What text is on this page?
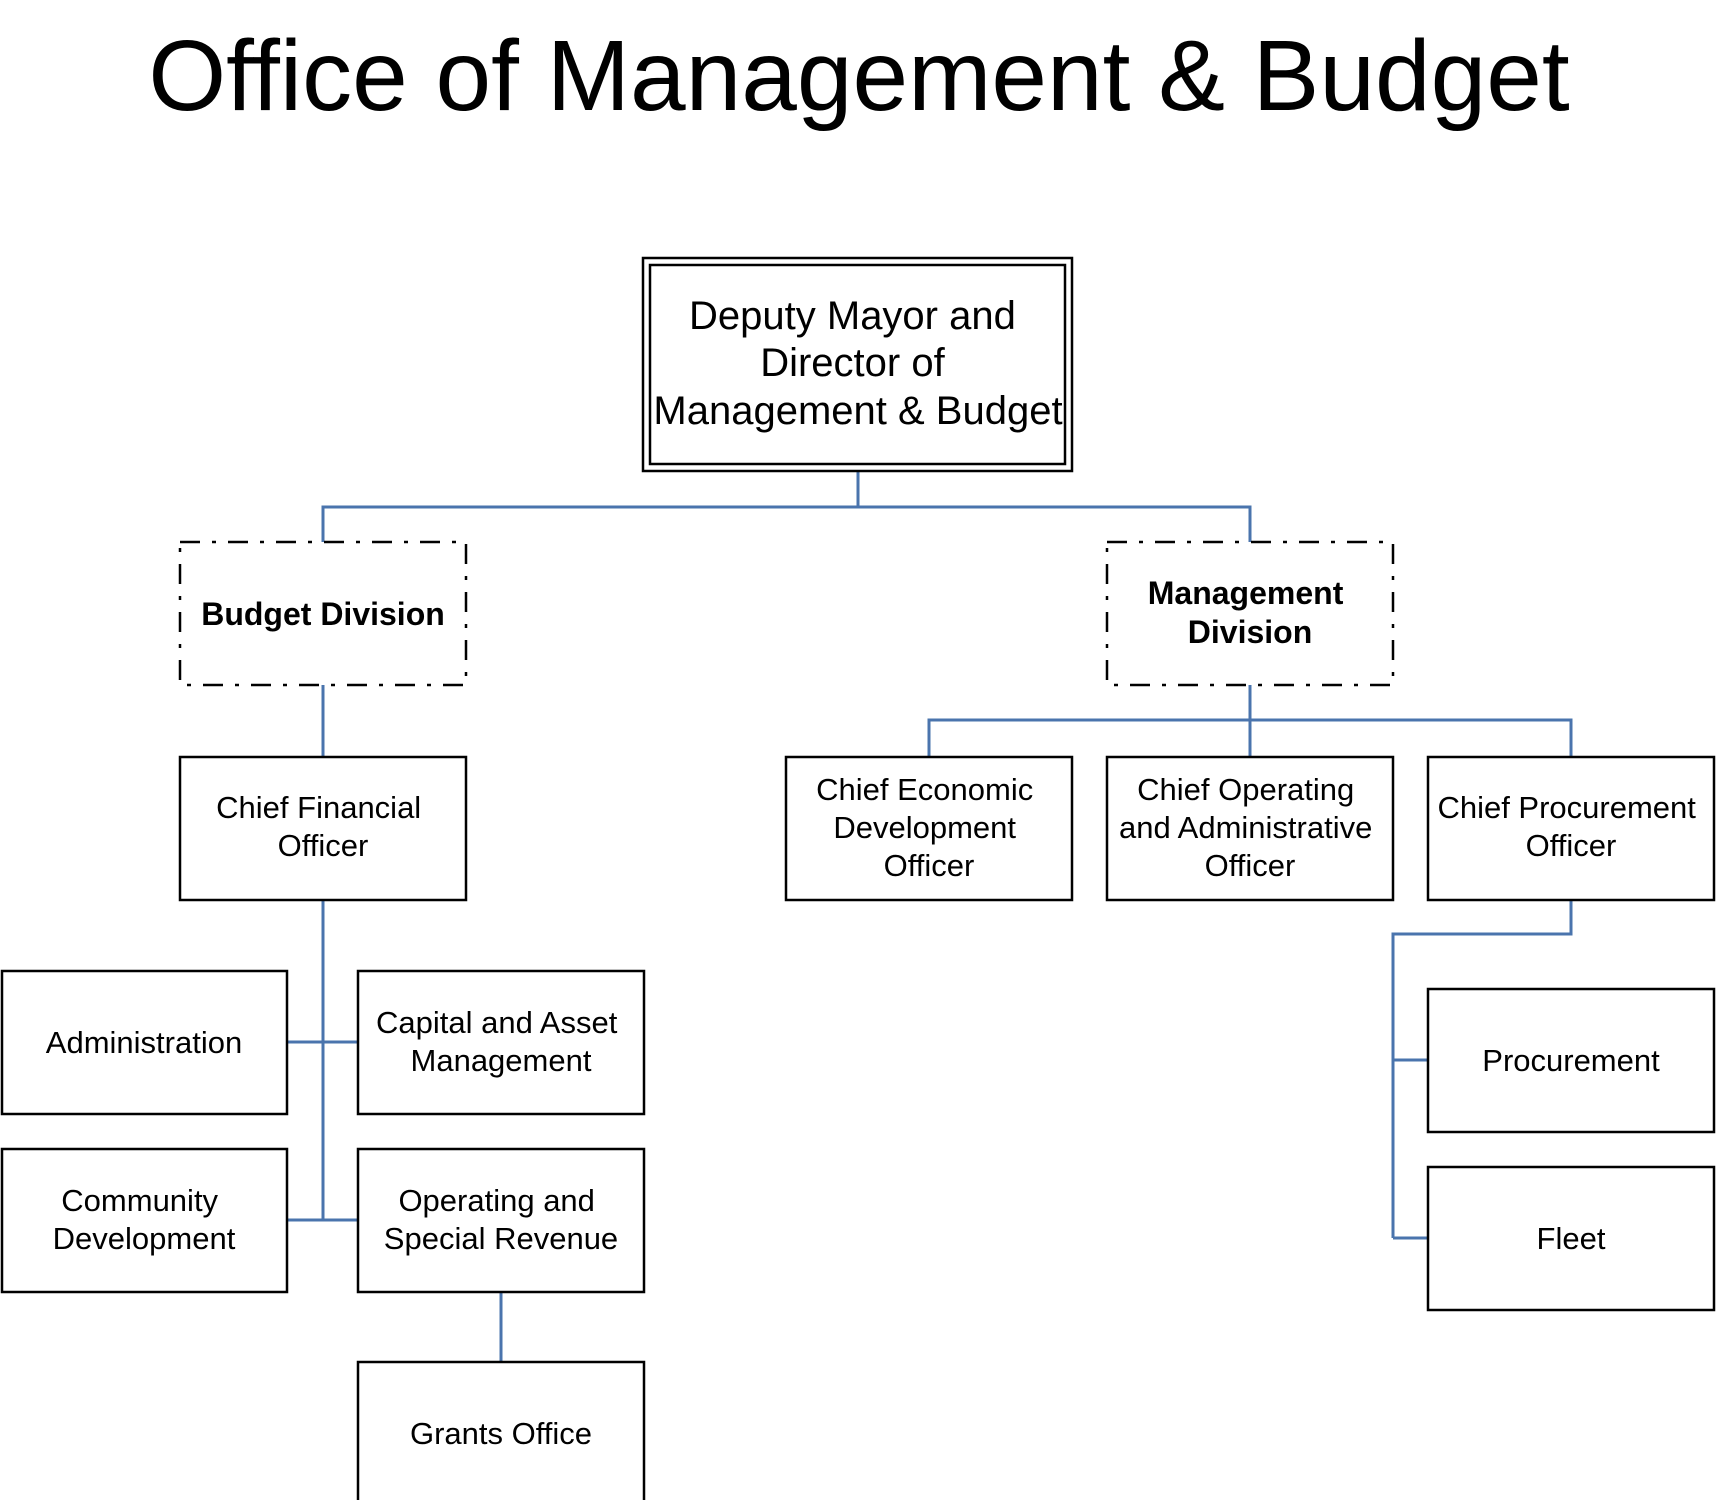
Office of Management & Budget
Deputy Mayor and Director of Management & Budget
Budget Division
Management Division
Chief Financial Officer
Chief Economic Development Officer
Chief Operating and Administrative Officer
Chief Procurement Officer
Administration
Capital and Asset Management
Community Development
Operating and Special Revenue
Grants Office
Procurement
Fleet
